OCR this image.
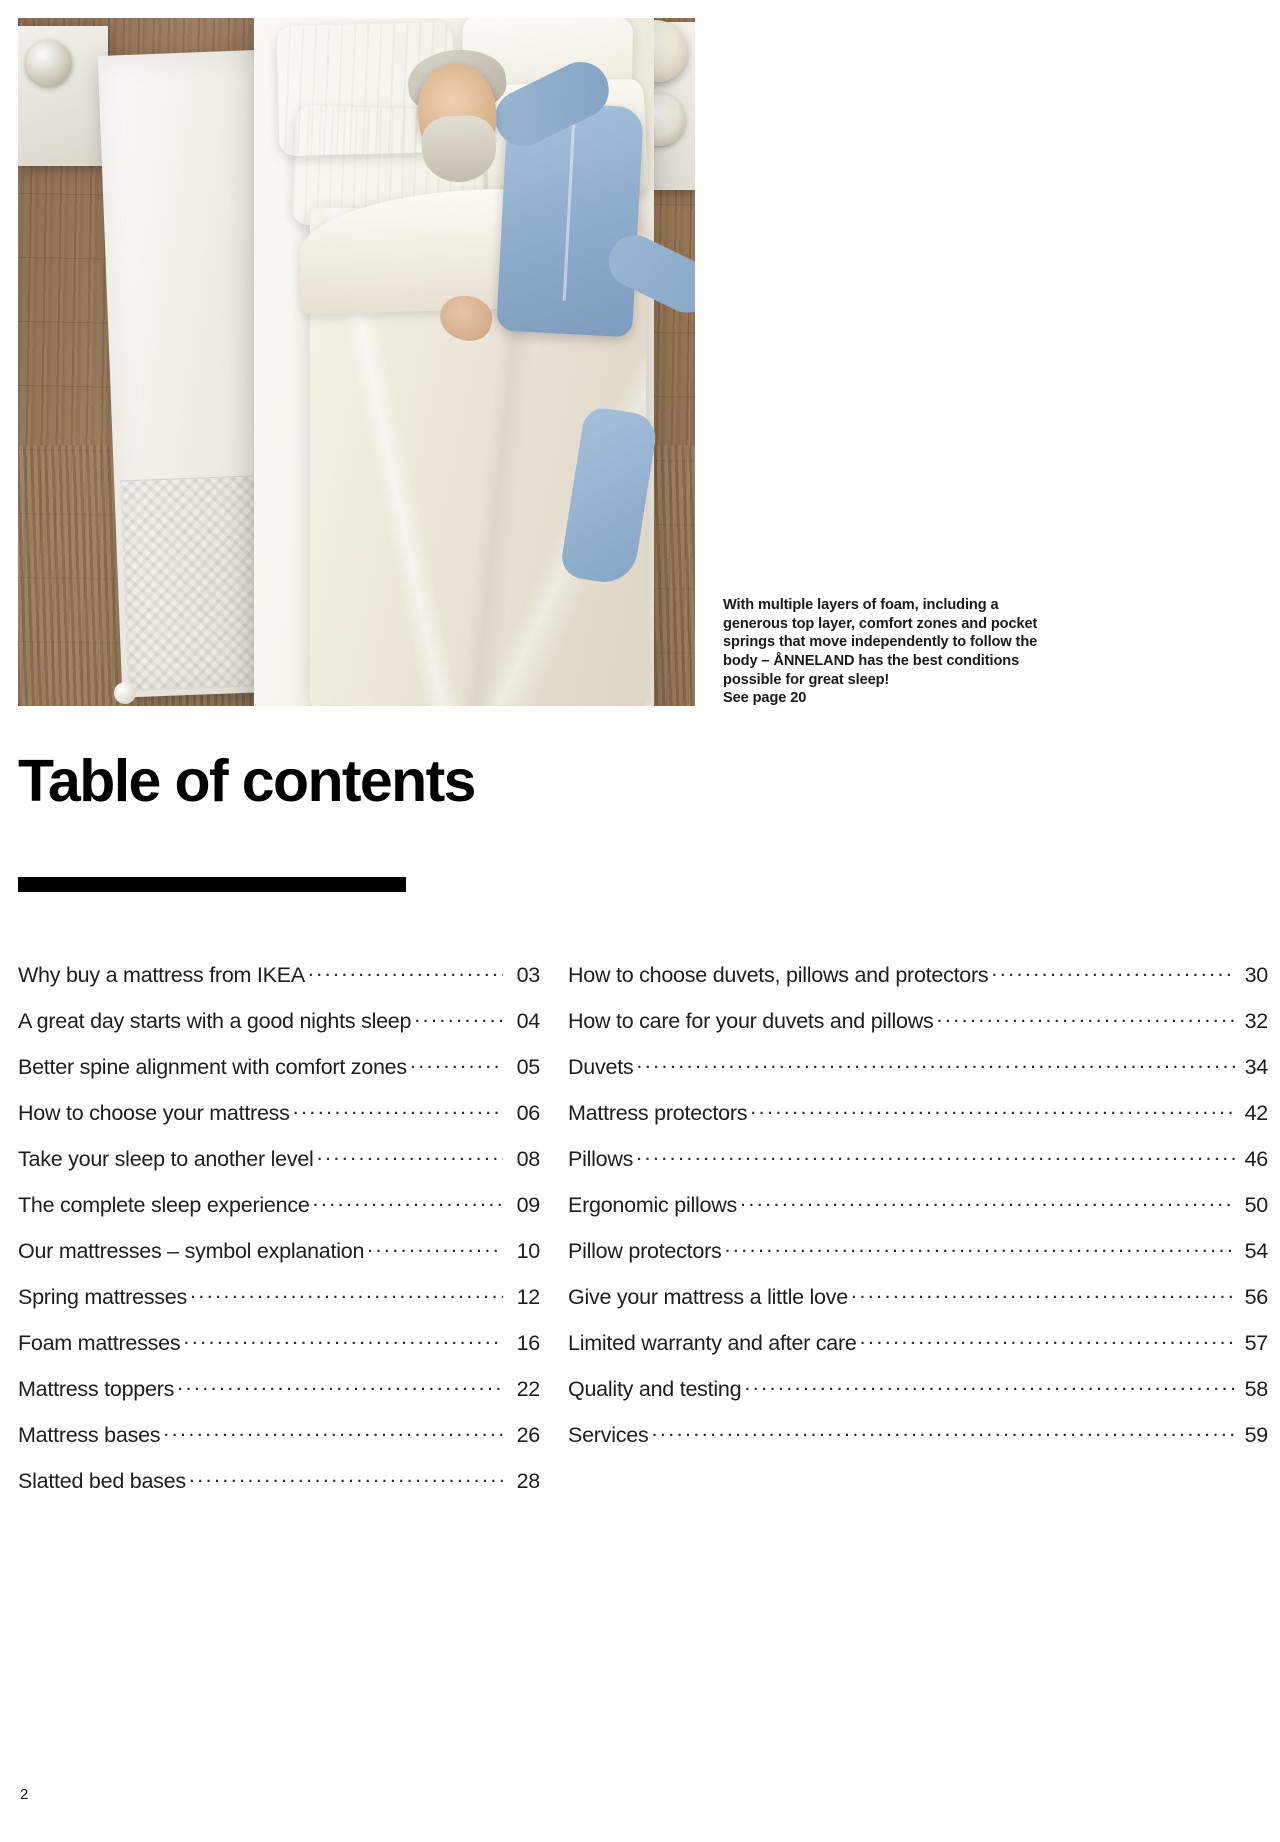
With multiple layers of foam, including a
generous top layer, comfort zones and pocket
springs that move independently to follow the
body – ÅNNELAND has the best conditions
possible for great sleep!
See page 20
Table of contents
Why buy a mattress from IKEA .....	03
A great day starts with a good nights sleep .....	04
Better spine alignment with comfort zones .....	05
How to choose your mattress .....	06
Take your sleep to another level .....	08
The complete sleep experience .....	09
Our mattresses – symbol explanation .....	10
Spring mattresses .....	12
Foam mattresses .....	16
Mattress toppers .....	22
Mattress bases .....	26
Slatted bed bases .....	28
How to choose duvets, pillows and protectors .....	30
How to care for your duvets and pillows .....	32
Duvets .....	34
Mattress protectors .....	42
Pillows .....	46
Ergonomic pillows .....	50
Pillow protectors .....	54
Give your mattress a little love .....	56
Limited warranty and after care .....	57
Quality and testing .....	58
Services .....	59
2
